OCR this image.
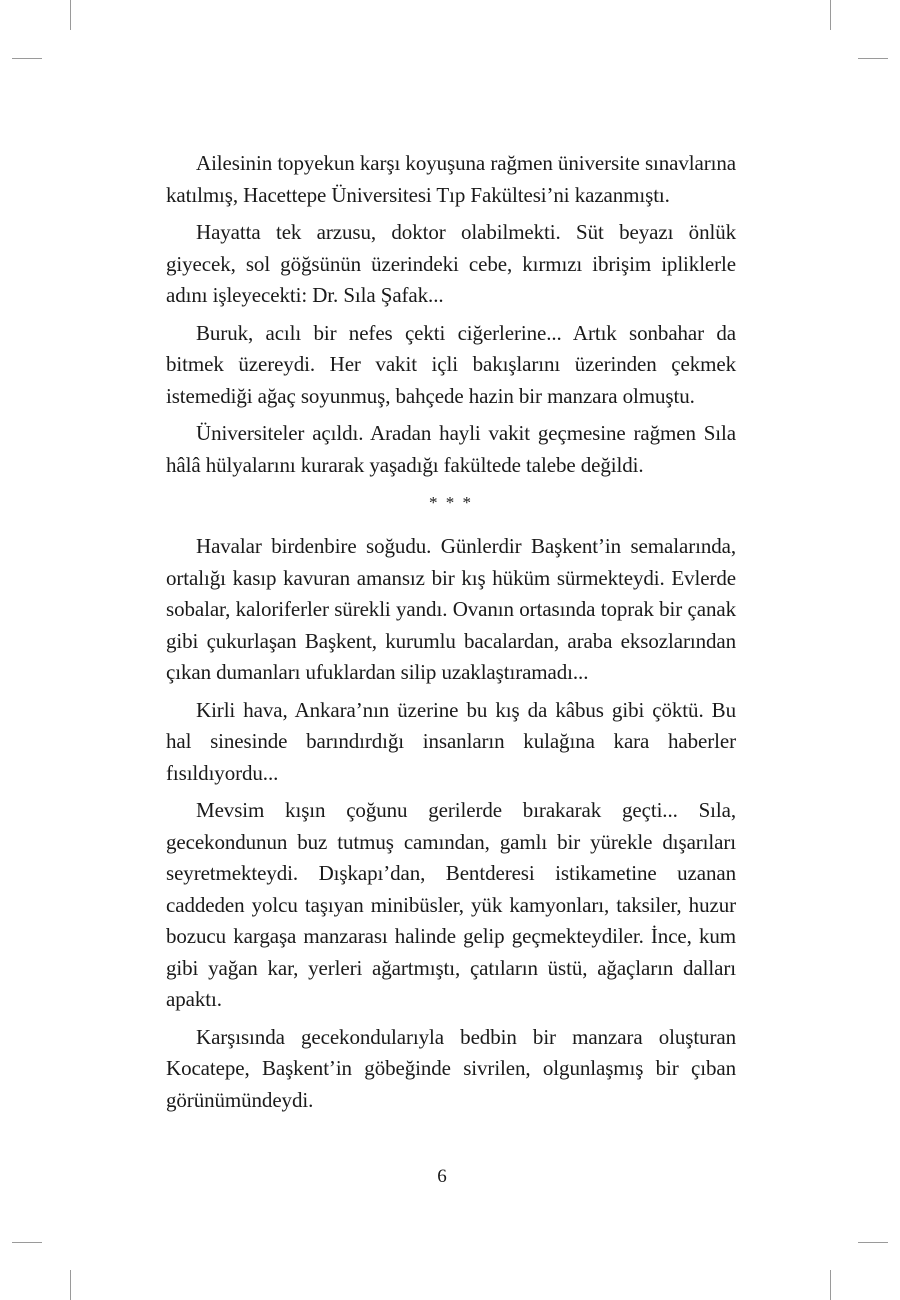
Ailesinin topyekun karşı koyuşuna rağmen üniversite sınavlarına katılmış, Hacettepe Üniversitesi Tıp Fakültesi’ni kazanmıştı.

Hayatta tek arzusu, doktor olabilmekti. Süt beyazı önlük giyecek, sol göğsünün üzerindeki cebe, kırmızı ibrişim ipliklerle adını işleyecekti: Dr. Sıla Şafak...

Buruk, acılı bir nefes çekti ciğerlerine... Artık sonbahar da bitmek üzereydi. Her vakit içli bakışlarını üzerinden çekmek istemediği ağaç soyunmuş, bahçede hazin bir manzara olmuştu.

Üniversiteler açıldı. Aradan hayli vakit geçmesine rağmen Sıla hâlâ hülyalarını kurarak yaşadığı fakültede talebe değildi.

* * *

Havalar birdenbire soğudu. Günlerdir Başkent’in semalarında, ortalığı kasıp kavuran amansız bir kış hüküm sürmekteydi. Evlerde sobalar, kaloriferler sürekli yandı. Ovanın ortasında toprak bir çanak gibi çukurlaşan Başkent, kurumlu bacalardan, araba eksozlarından çıkan dumanları ufuklardan silip uzaklaştıramadı...

Kirli hava, Ankara’nın üzerine bu kış da kâbus gibi çöktü. Bu hal sinesinde barındırdığı insanların kulağına kara haberler fısıldıyordu...

Mevsim kışın çoğunu gerilerde bırakarak geçti... Sıla, gecekondunun buz tutmuş camından, gamlı bir yürekle dışarıları seyretmekteydi. Dışkapı’dan, Bentderesi istikametine uzanan caddeden yolcu taşıyan minibüsler, yük kamyonları, taksiler, huzur bozucu kargaşa manzarası halinde gelip geçmekteydiler. İnce, kum gibi yağan kar, yerleri ağartmıştı, çatıların üstü, ağaçların dalları apaktı.

Karşısında gecekondularıyla bedbin bir manzara oluşturan Kocatepe, Başkent’in göbeğinde sivrilen, olgunlaşmış bir çıban görünümündeydi.

6
